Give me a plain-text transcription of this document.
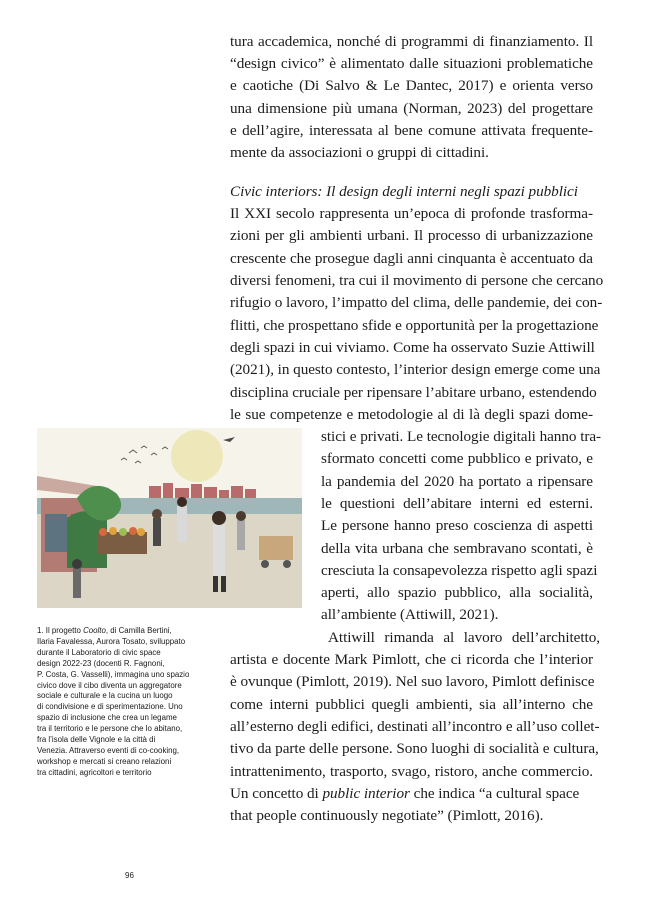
tura accademica, nonché di programmi di finanziamento. Il
“design civico” è alimentato dalle situazioni problematiche
e caotiche (Di Salvo & Le Dantec, 2017) e orienta verso
una dimensione più umana (Norman, 2023) del progettare
e dell’agire, interessata al bene comune attivata frequente-
mente da associazioni o gruppi di cittadini.
Civic interiors: Il design degli interni negli spazi pubblici
Il XXI secolo rappresenta un’epoca di profonde trasforma-
zioni per gli ambienti urbani. Il processo di urbanizzazione
crescente che prosegue dagli anni cinquanta è accentuato da
diversi fenomeni, tra cui il movimento di persone che cercano
rifugio o lavoro, l’impatto del clima, delle pandemie, dei con-
flitti, che prospettano sfide e opportunità per la progettazione
degli spazi in cui viviamo. Come ha osservato Suzie Attiwill
(2021), in questo contesto, l’interior design emerge come una
disciplina cruciale per ripensare l’abitare urbano, estendendo
le sue competenze e metodologie al di là degli spazi dome-
stici e privati. Le tecnologie digitali hanno tra-
sformato concetti come pubblico e privato, e
la pandemia del 2020 ha portato a ripensare
le questioni dell’abitare interni ed esterni.
Le persone hanno preso coscienza di aspetti
della vita urbana che sembravano scontati, è
cresciuta la consapevolezza rispetto agli spazi
aperti, allo spazio pubblico, alla socialità,
all’ambiente (Attiwill, 2021).
Attiwill rimanda al lavoro dell’architetto,
artista e docente Mark Pimlott, che ci ricorda che l’interior
è ovunque (Pimlott, 2019). Nel suo lavoro, Pimlott definisce
come interni pubblici quegli ambienti, sia all’interno che
all’esterno degli edifici, destinati all’incontro e all’uso collet-
tivo da parte delle persone. Sono luoghi di socialità e cultura,
intrattenimento, trasporto, svago, ristoro, anche commercio.
Un concetto di public interior che indica “a cultural space
that people continuously negotiate” (Pimlott, 2016).
1. Il progetto Coolto, di Camilla Bertini,
Ilaria Favalessa, Aurora Tosato, sviluppato
durante il Laboratorio di civic space
design 2022-23 (docenti R. Fagnoni,
P. Costa, G. Vasselli), immagina uno spazio
civico dove il cibo diventa un aggregatore
sociale e culturale e la cucina un luogo
di condivisione e di sperimentazione. Uno
spazio di inclusione che crea un legame
tra il territorio e le persone che lo abitano,
fra l’isola delle Vignole e la città di
Venezia. Attraverso eventi di co-cooking,
workshop e mercati si creano relazioni
tra cittadini, agricoltori e territorio
96
